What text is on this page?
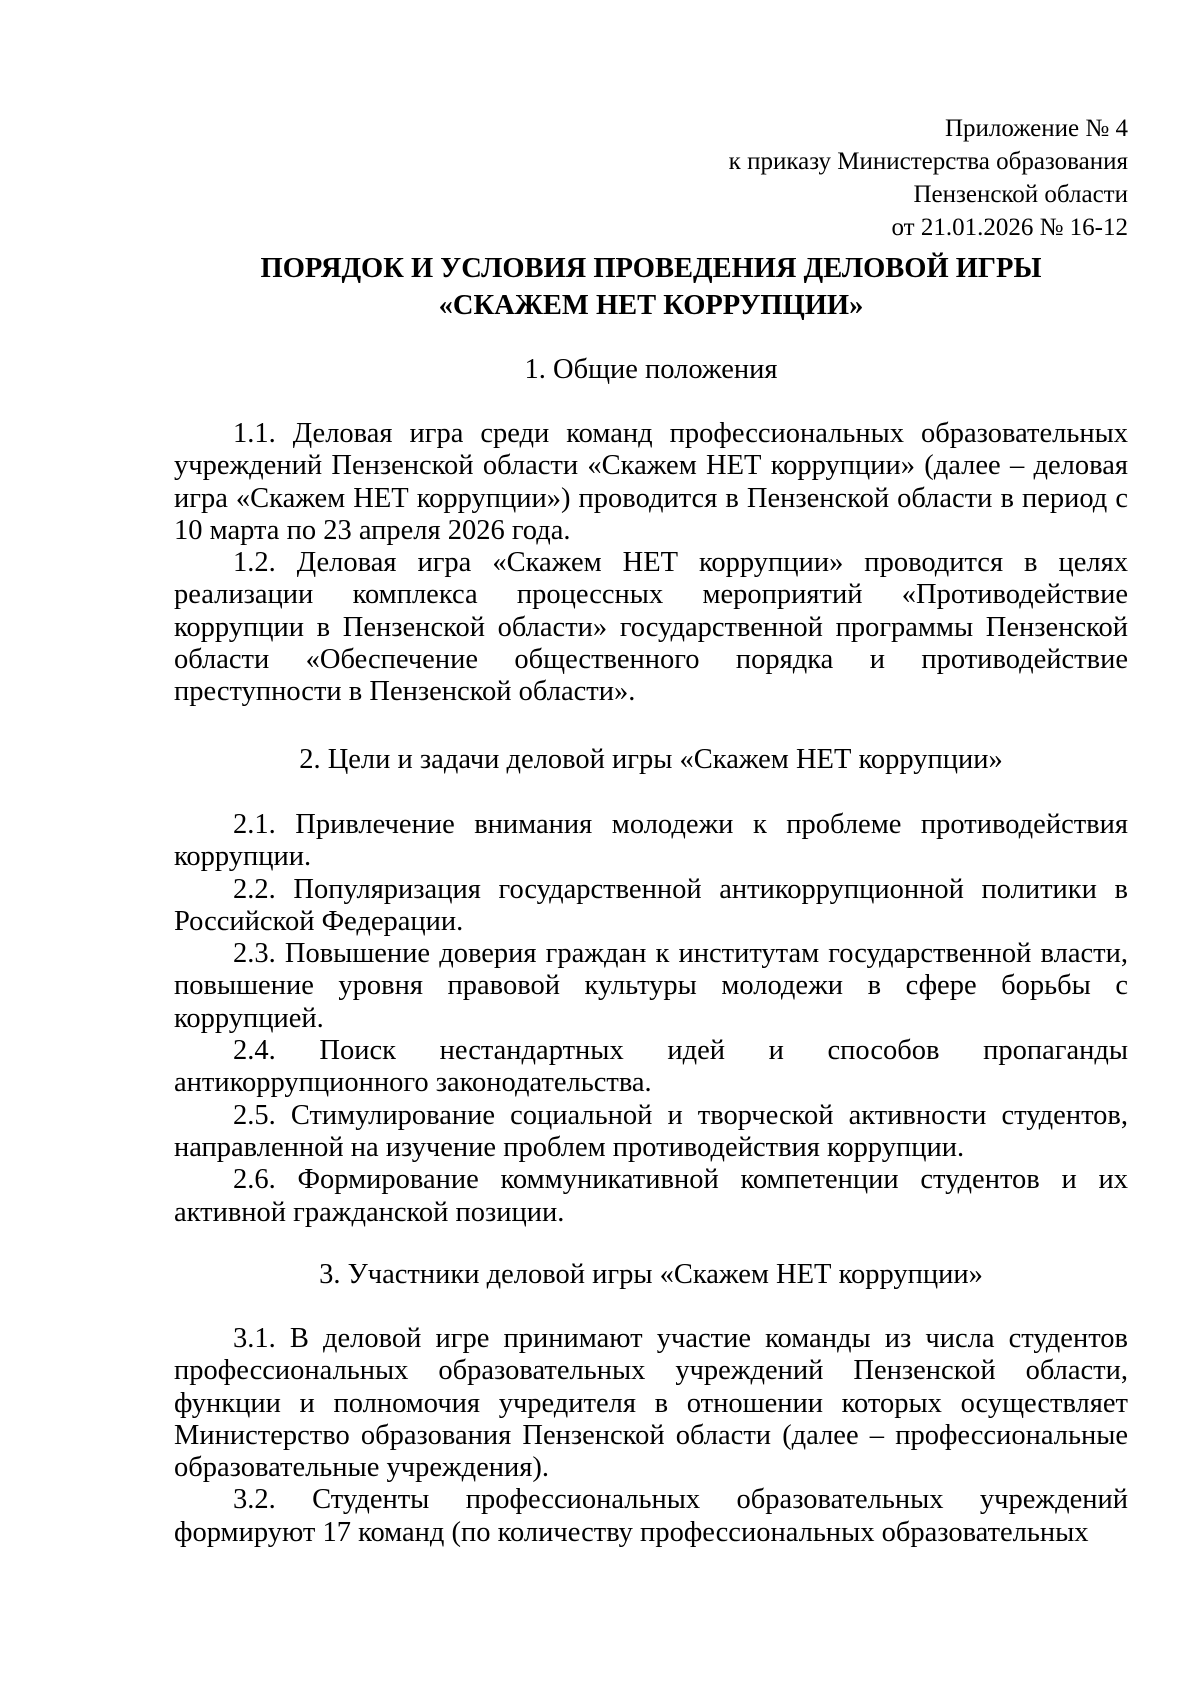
Приложение № 4
к приказу Министерства образования
Пензенской области
от 21.01.2026 № 16-12
ПОРЯДОК И УСЛОВИЯ ПРОВЕДЕНИЯ ДЕЛОВОЙ ИГРЫ
«СКАЖЕМ НЕТ КОРРУПЦИИ»
1. Общие положения

1.1. Деловая игра среди команд профессиональных образовательных учреждений Пензенской области «Скажем НЕТ коррупции» (далее – деловая игра «Скажем НЕТ коррупции») проводится в Пензенской области в период с 10 марта по 23 апреля 2026 года.

1.2. Деловая игра «Скажем НЕТ коррупции» проводится в целях реализации комплекса процессных мероприятий «Противодействие коррупции в Пензенской области» государственной программы Пензенской области «Обеспечение общественного порядка и противодействие преступности в Пензенской области».

2. Цели и задачи деловой игры «Скажем НЕТ коррупции»

2.1. Привлечение внимания молодежи к проблеме противодействия коррупции.

2.2. Популяризация государственной антикоррупционной политики в Российской Федерации.

2.3. Повышение доверия граждан к институтам государственной власти, повышение уровня правовой культуры молодежи в сфере борьбы с коррупцией.

2.4. Поиск нестандартных идей и способов пропаганды антикоррупционного законодательства.

2.5. Стимулирование социальной и творческой активности студентов, направленной на изучение проблем противодействия коррупции.

2.6. Формирование коммуникативной компетенции студентов и их активной гражданской позиции.

3. Участники деловой игры «Скажем НЕТ коррупции»

3.1. В деловой игре принимают участие команды из числа студентов профессиональных образовательных учреждений Пензенской области, функции и полномочия учредителя в отношении которых осуществляет Министерство образования Пензенской области (далее – профессиональные образовательные учреждения).

3.2. Студенты профессиональных образовательных учреждений формируют 17 команд (по количеству профессиональных образовательных
